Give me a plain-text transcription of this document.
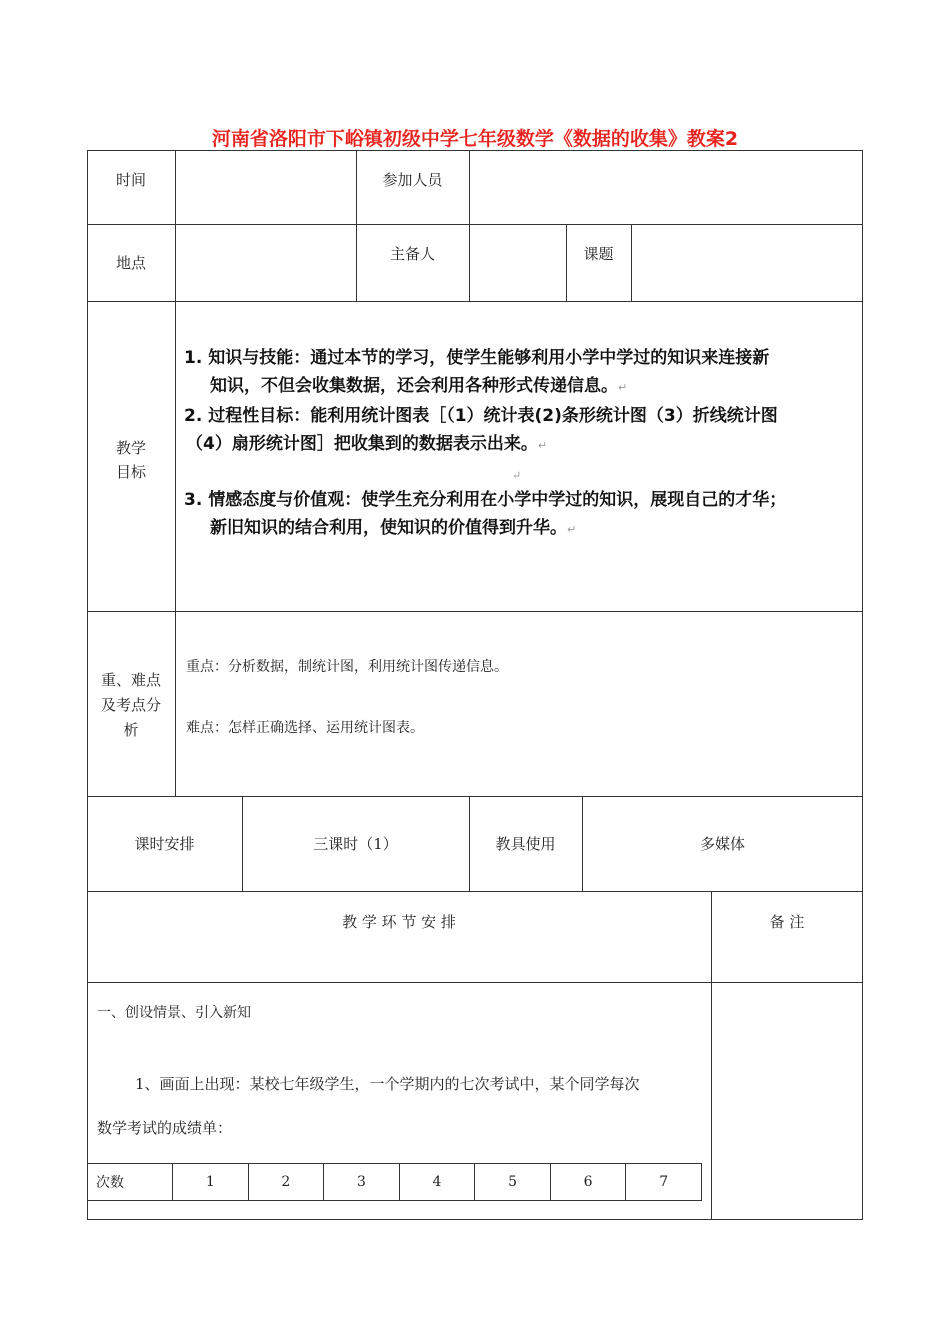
河南省洛阳市下峪镇初级中学七年级数学《数据的收集》教案2
时间	参加人员
地点	主备人	课题
教学
目标
1. 知识与技能：通过本节的学习，使学生能够利用小学中学过的知识来连接新
知识，不但会收集数据，还会利用各种形式传递信息。↵
2. 过程性目标：能利用统计图表［（1）统计表(2)条形统计图（3）折线统计图
（4）扇形统计图］把收集到的数据表示出来。↵
↵
3. 情感态度与价值观：使学生充分利用在小学中学过的知识，展现自己的才华；
新旧知识的结合利用，使知识的价值得到升华。↵
重、难点
及考点分
析
重点：分析数据，制统计图，利用统计图传递信息。
难点：怎样正确选择、运用统计图表。
课时安排	三课时（1）	教具使用	多媒体
教 学 环 节 安 排	备 注
一、创设情景、引入新知
1、画面上出现：某校七年级学生，一个学期内的七次考试中，某个同学每次
数学考试的成绩单：
次数	1	2	3	4	5	6	7
